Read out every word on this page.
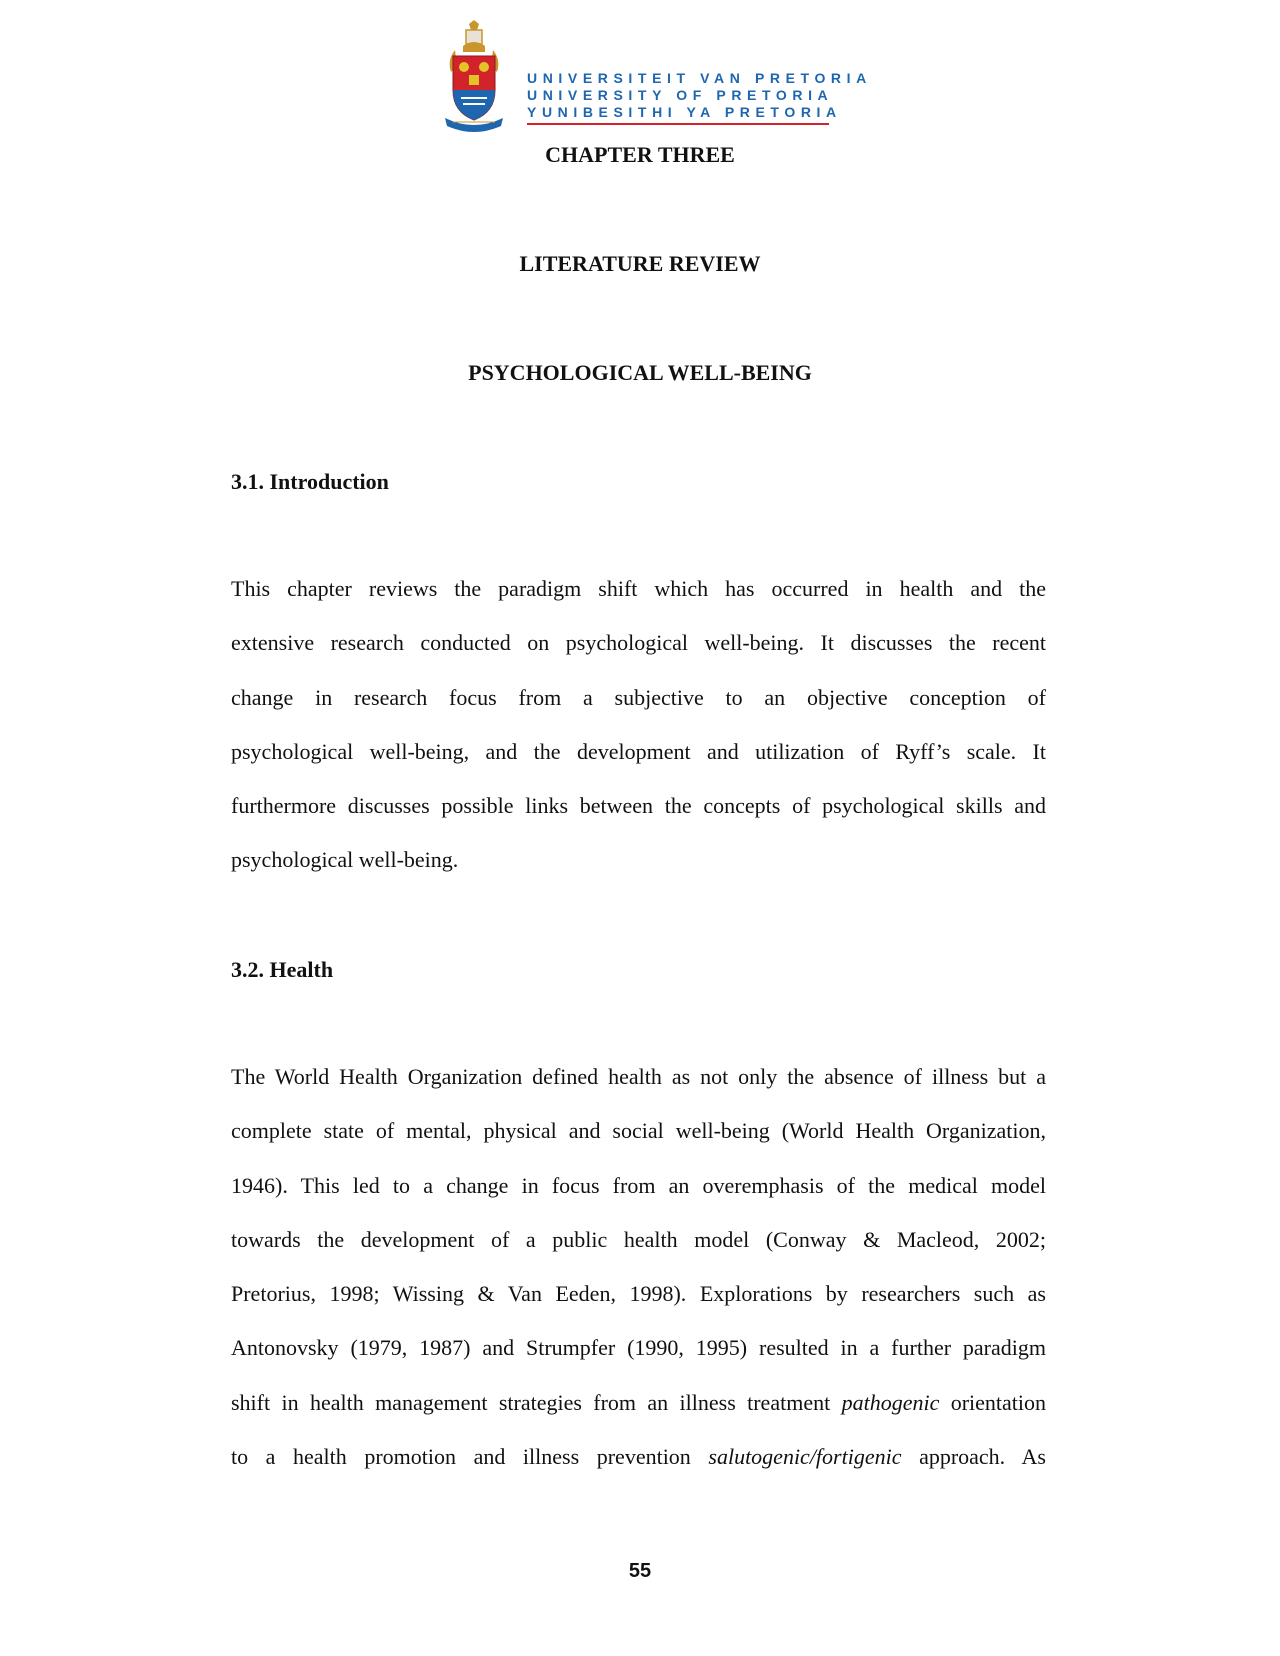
UNIVERSITEIT VAN PRETORIA
UNIVERSITY OF PRETORIA
YUNIBESITHI YA PRETORIA
CHAPTER THREE
LITERATURE REVIEW
PSYCHOLOGICAL WELL-BEING
3.1. Introduction
This chapter reviews the paradigm shift which has occurred in health and the
extensive research conducted on psychological well-being. It discusses the recent
change in research focus from a subjective to an objective conception of
psychological well-being, and the development and utilization of Ryff’s scale. It
furthermore discusses possible links between the concepts of psychological skills and
psychological well-being.
3.2. Health
The World Health Organization defined health as not only the absence of illness but a
complete state of mental, physical and social well-being (World Health Organization,
1946). This led to a change in focus from an overemphasis of the medical model
towards the development of a public health model (Conway & Macleod, 2002;
Pretorius, 1998; Wissing & Van Eeden, 1998). Explorations by researchers such as
Antonovsky (1979, 1987) and Strumpfer (1990, 1995) resulted in a further paradigm
shift in health management strategies from an illness treatment pathogenic orientation
to a health promotion and illness prevention salutogenic/fortigenic approach. As
55
